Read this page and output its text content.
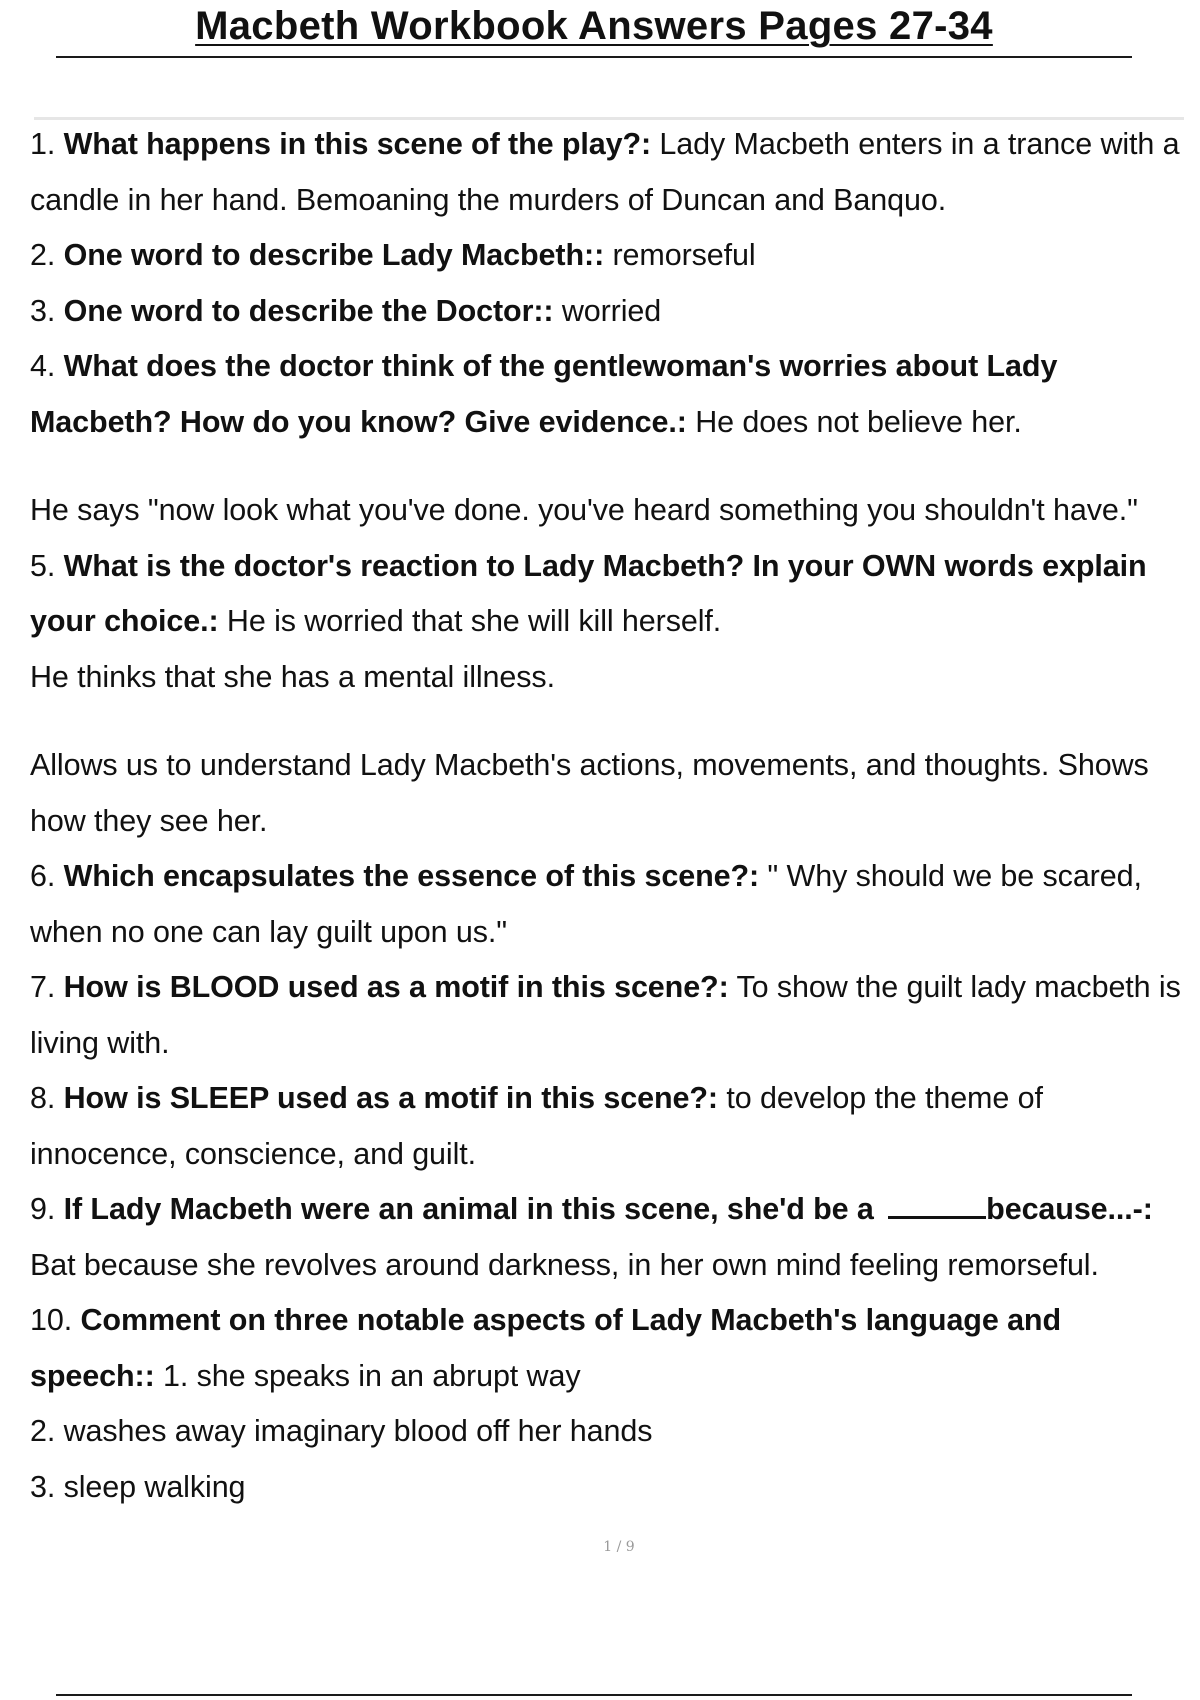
Macbeth Workbook Answers Pages 27-34

1. What happens in this scene of the play?: Lady Macbeth enters in a trance with a candle in her hand. Bemoaning the murders of Duncan and Banquo.

2. One word to describe Lady Macbeth:: remorseful

3. One word to describe the Doctor:: worried

4. What does the doctor think of the gentlewoman's worries about Lady Macbeth? How do you know? Give evidence.: He does not believe her.

He says "now look what you've done. you've heard something you shouldn't have."

5. What is the doctor's reaction to Lady Macbeth? In your OWN words explain your choice.: He is worried that she will kill herself.

He thinks that she has a mental illness.

Allows us to understand Lady Macbeth's actions, movements, and thoughts. Shows how they see her.

6. Which encapsulates the essence of this scene?: " Why should we be scared, when no one can lay guilt upon us."

7. How is BLOOD used as a motif in this scene?: To show the guilt lady macbeth is living with.

8. How is SLEEP used as a motif in this scene?: to develop the theme of innocence, conscience, and guilt.

9. If Lady Macbeth were an animal in this scene, she'd be a	because...-: Bat because she revolves around darkness, in her own mind feeling remorseful.

10. Comment on three notable aspects of Lady Macbeth's language and speech:: 1. she speaks in an abrupt way

2. washes away imaginary blood off her hands

3. sleep walking

1 / 9
